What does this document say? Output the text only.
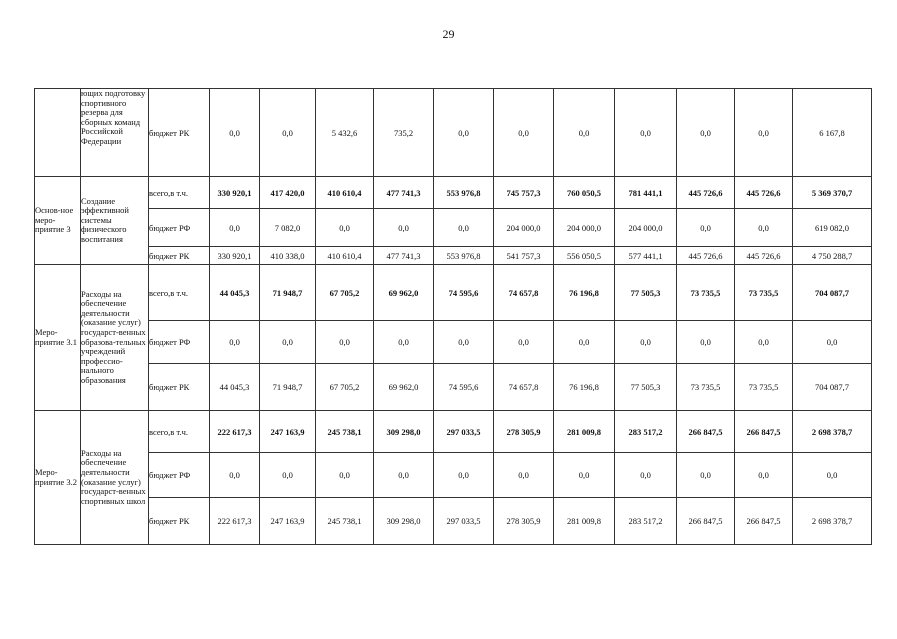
29
	ющих подготовку спортивного резерва для сборных команд Российской Федерации	бюджет РК	0,0	0,0	5 432,6	735,2	0,0	0,0	0,0	0,0	0,0	0,0	6 167,8
Основ-ное меро-приятие 3	Создание эффективной системы физического воспитания	всего,в т.ч.	330 920,1	417 420,0	410 610,4	477 741,3	553 976,8	745 757,3	760 050,5	781 441,1	445 726,6	445 726,6	5 369 370,7
		бюджет РФ	0,0	7 082,0	0,0	0,0	0,0	204 000,0	204 000,0	204 000,0	0,0	0,0	619 082,0
		бюджет РК	330 920,1	410 338,0	410 610,4	477 741,3	553 976,8	541 757,3	556 050,5	577 441,1	445 726,6	445 726,6	4 750 288,7
Меро-приятие 3.1	Расходы на обеспечение деятельности (оказание услуг) государст-венных образова-тельных учреждений профессио-нального образования	всего,в т.ч.	44 045,3	71 948,7	67 705,2	69 962,0	74 595,6	74 657,8	76 196,8	77 505,3	73 735,5	73 735,5	704 087,7
		бюджет РФ	0,0	0,0	0,0	0,0	0,0	0,0	0,0	0,0	0,0	0,0	0,0
		бюджет РК	44 045,3	71 948,7	67 705,2	69 962,0	74 595,6	74 657,8	76 196,8	77 505,3	73 735,5	73 735,5	704 087,7
Меро-приятие 3.2	Расходы на обеспечение деятельности (оказание услуг) государст-венных спортивных школ	всего,в т.ч.	222 617,3	247 163,9	245 738,1	309 298,0	297 033,5	278 305,9	281 009,8	283 517,2	266 847,5	266 847,5	2 698 378,7
		бюджет РФ	0,0	0,0	0,0	0,0	0,0	0,0	0,0	0,0	0,0	0,0	0,0
		бюджет РК	222 617,3	247 163,9	245 738,1	309 298,0	297 033,5	278 305,9	281 009,8	283 517,2	266 847,5	266 847,5	2 698 378,7
